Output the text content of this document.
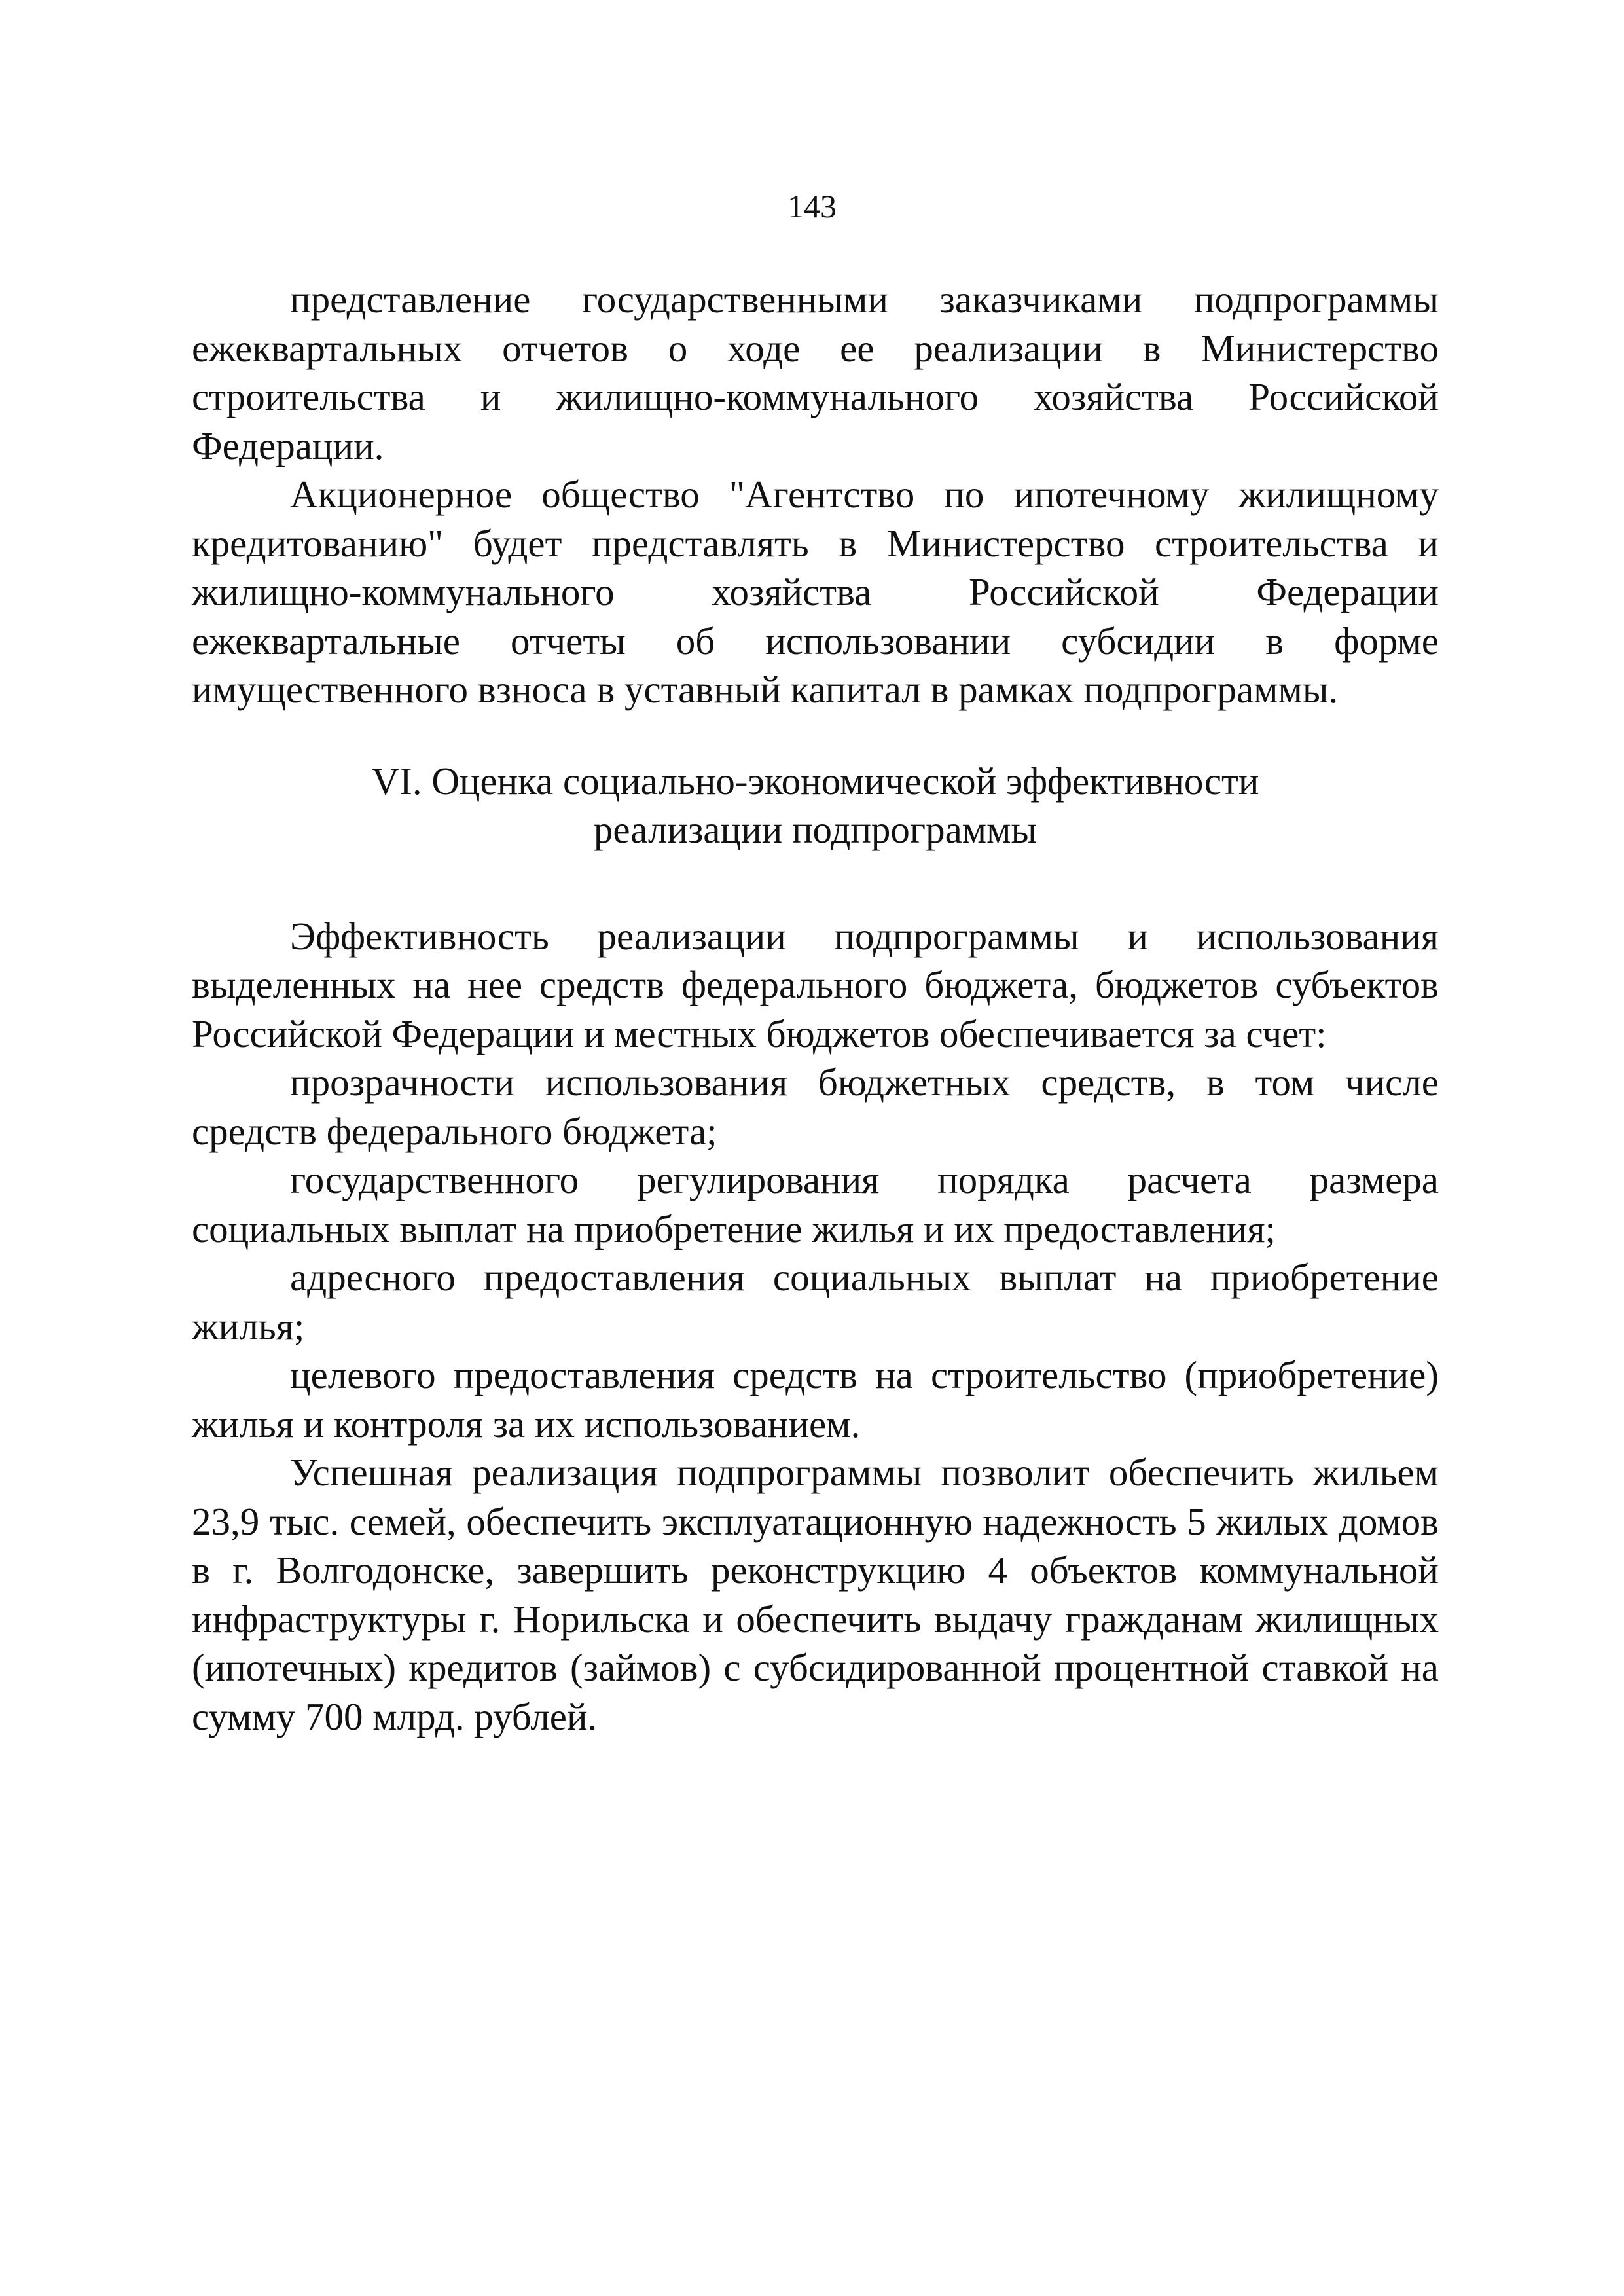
143

представление государственными заказчиками подпрограммы ежеквартальных отчетов о ходе ее реализации в Министерство строительства и жилищно-коммунального хозяйства Российской Федерации.

Акционерное общество "Агентство по ипотечному жилищному кредитованию" будет представлять в Министерство строительства и жилищно-коммунального хозяйства Российской Федерации ежеквартальные отчеты об использовании субсидии в форме имущественного взноса в уставный капитал в рамках подпрограммы.

VI. Оценка социально-экономической эффективности
реализации подпрограммы

Эффективность реализации подпрограммы и использования выделенных на нее средств федерального бюджета, бюджетов субъектов Российской Федерации и местных бюджетов обеспечивается за счет:

прозрачности использования бюджетных средств, в том числе средств федерального бюджета;

государственного регулирования порядка расчета размера социальных выплат на приобретение жилья и их предоставления;

адресного предоставления социальных выплат на приобретение жилья;

целевого предоставления средств на строительство (приобретение) жилья и контроля за их использованием.

Успешная реализация подпрограммы позволит обеспечить жильем 23,9 тыс. семей, обеспечить эксплуатационную надежность 5 жилых домов в г. Волгодонске, завершить реконструкцию 4 объектов коммунальной инфраструктуры г. Норильска и обеспечить выдачу гражданам жилищных (ипотечных) кредитов (займов) с субсидированной процентной ставкой на сумму 700 млрд. рублей.
